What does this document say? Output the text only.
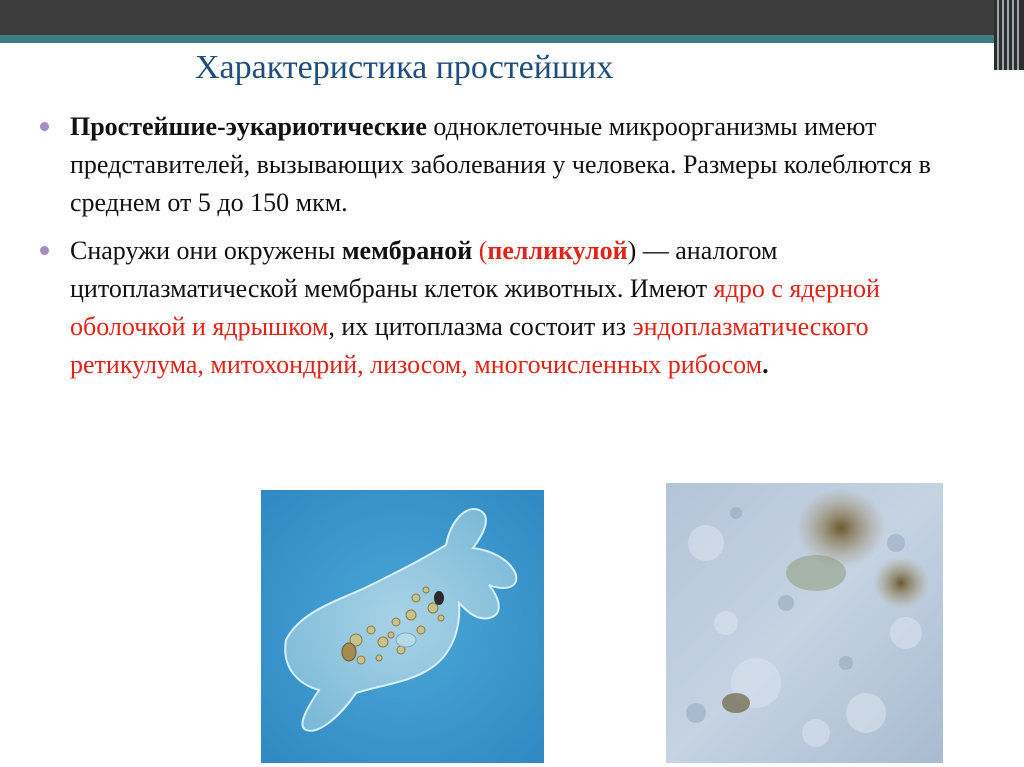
Характеристика простейших
Простейшие-эукариотические одноклеточные микроорганизмы имеют представителей, вызывающих заболевания у человека. Размеры колеблются в среднем от 5 до 150 мкм.
Снаружи они окружены мембраной (пелликулой) — аналогом цитоплазматической мембраны клеток животных. Имеют ядро с ядерной оболочкой и ядрышком, их цитоплазма состоит из эндоплазматического ретикулума, митохондрий, лизосом, многочисленных рибосом.
